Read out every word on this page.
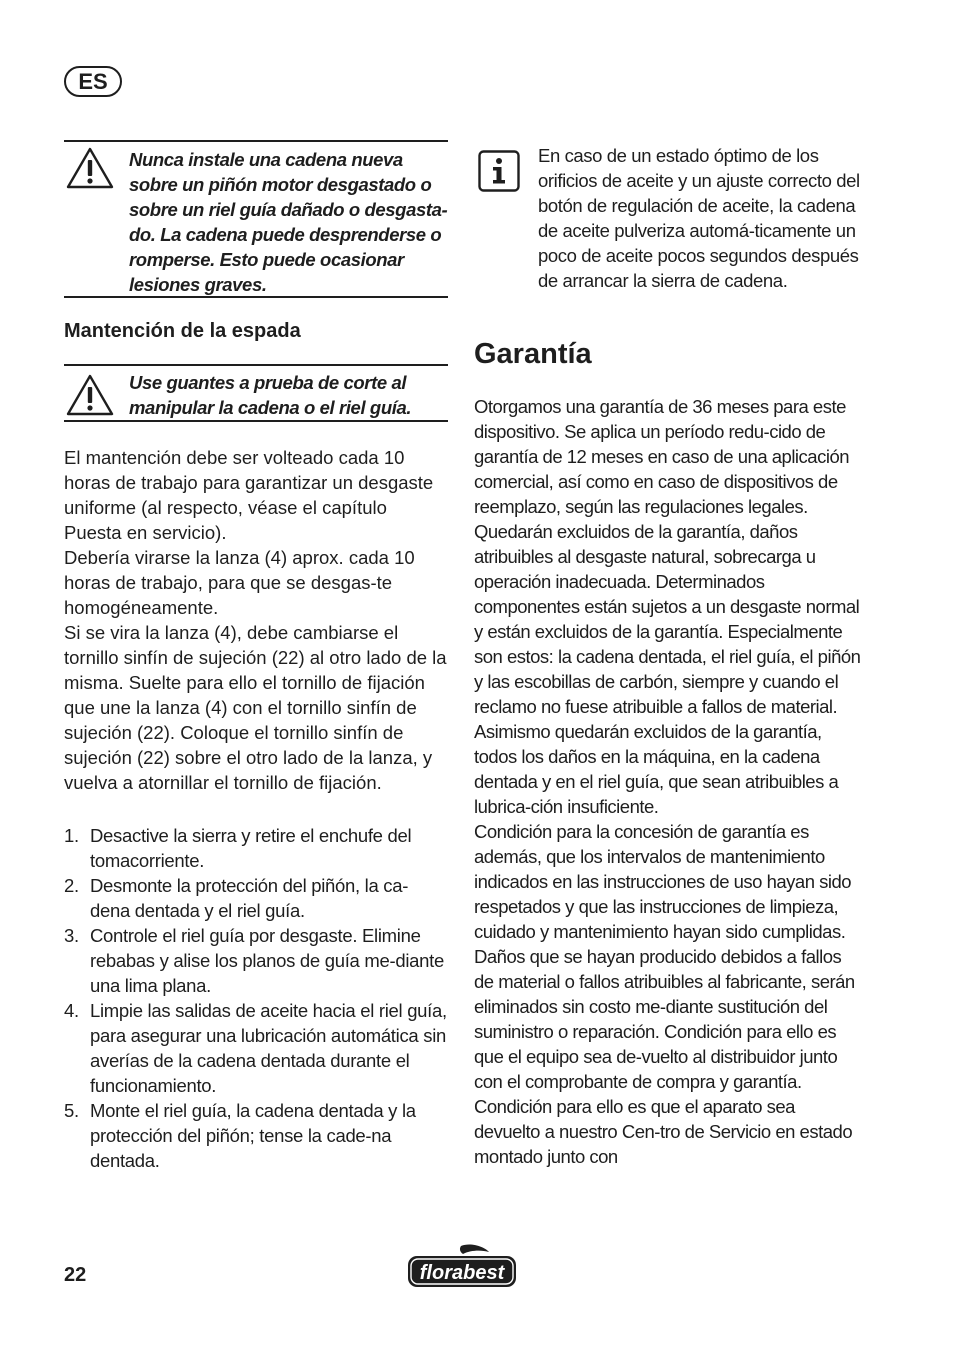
ES
Nunca instale una cadena nueva sobre un piñón motor desgastado o sobre un riel guía dañado o desgasta-do. La cadena puede desprenderse o romperse. Esto puede ocasionar lesiones graves.
Mantención de la espada
Use guantes a prueba de corte al manipular la cadena o el riel guía.

El mantención debe ser volteado cada 10 horas de trabajo para garantizar un desgaste uniforme (al respecto, véase el capítulo Puesta en servicio).

Debería virarse la lanza (4) aprox. cada 10 horas de trabajo, para que se desgas-te homogéneamente.

Si se vira la lanza (4), debe cambiarse el tornillo sinfín de sujeción (22) al otro lado de la misma. Suelte para ello el tornillo de fijación que une la lanza (4) con el tornillo sinfín de sujeción (22). Coloque el tornillo sinfín de sujeción (22) sobre el otro lado de la lanza, y vuelva a atornillar el tornillo de fijación.

1. Desactive la sierra y retire el enchufe del tomacorriente.
2. Desmonte la protección del piñón, la ca-dena dentada y el riel guía.
3. Controle el riel guía por desgaste. Elimine rebabas y alise los planos de guía me-diante una lima plana.
4. Limpie las salidas de aceite hacia el riel guía, para asegurar una lubricación automática sin averías de la cadena dentada durante el funcionamiento.
5. Monte el riel guía, la cadena dentada y la protección del piñón; tense la cade-na dentada.
En caso de un estado óptimo de los orificios de aceite y un ajuste correcto del botón de regulación de aceite, la cadena de aceite pulveriza automá-ticamente un poco de aceite pocos segundos después de arrancar la sierra de cadena.
Garantía

Otorgamos una garantía de 36 meses para este dispositivo. Se aplica un período redu-cido de garantía de 12 meses en caso de una aplicación comercial, así como en caso de dispositivos de reemplazo, según las regulaciones legales. Quedarán excluidos de la garantía, daños atribuibles al desgaste natural, sobrecarga u operación inadecuada. Determinados componentes están sujetos a un desgaste normal y están excluidos de la garantía. Especialmente son estos: la cadena dentada, el riel guía, el piñón y las escobillas de carbón, siempre y cuando el reclamo no fuese atribuible a fallos de material. Asimismo quedarán excluidos de la garantía, todos los daños en la máquina, en la cadena dentada y en el riel guía, que sean atribuibles a lubrica-ción insuficiente.

Condición para la concesión de garantía es además, que los intervalos de mantenimiento indicados en las instrucciones de uso hayan sido respetados y que las instrucciones de limpieza, cuidado y mantenimiento hayan sido cumplidas. Daños que se hayan producido debidos a fallos de material o fallos atribuibles al fabricante, serán eliminados sin costo me-diante sustitución del suministro o reparación. Condición para ello es que el equipo sea de-vuelto al distribuidor junto con el comprobante de compra y garantía. Condición para ello es que el aparato sea devuelto a nuestro Cen-tro de Servicio en estado montado junto con

22	florabest
